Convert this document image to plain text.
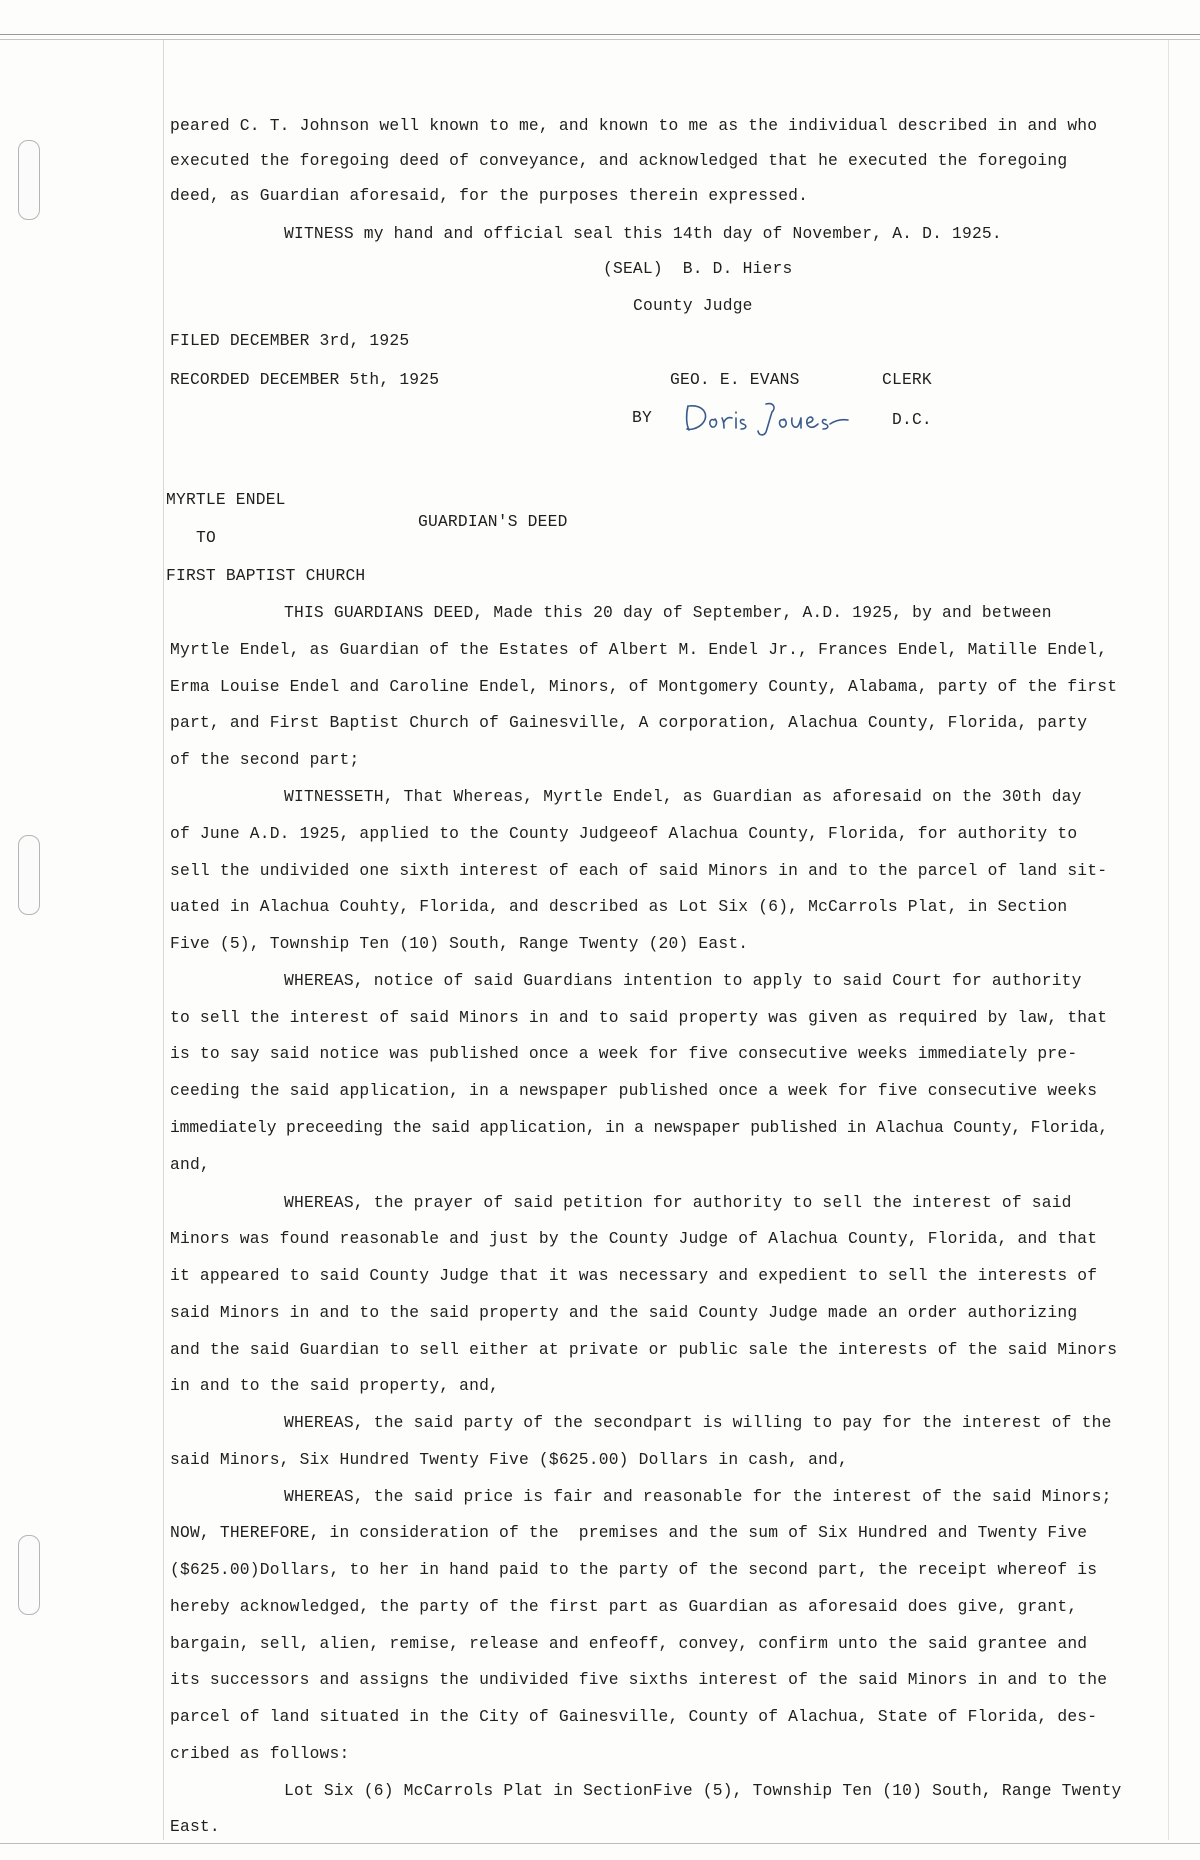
peared C. T. Johnson well known to me, and known to me as the individual described in and who

executed the foregoing deed of conveyance, and acknowledged that he executed the foregoing

deed, as Guardian aforesaid, for the purposes therein expressed.

WITNESS my hand and official seal this 14th day of November, A. D. 1925.

(SEAL)  B. D. Hiers

County Judge

FILED DECEMBER 3rd, 1925

RECORDED DECEMBER 5th, 1925	GEO. E. EVANS	CLERK

BY	D.C.

MYRTLE ENDEL

GUARDIAN'S DEED

TO

FIRST BAPTIST CHURCH

THIS GUARDIANS DEED, Made this 20 day of September, A.D. 1925, by and between

Myrtle Endel, as Guardian of the Estates of Albert M. Endel Jr., Frances Endel, Matille Endel,

Erma Louise Endel and Caroline Endel, Minors, of Montgomery County, Alabama, party of the first

part, and First Baptist Church of Gainesville, A corporation, Alachua County, Florida, party

of the second part;

WITNESSETH, That Whereas, Myrtle Endel, as Guardian as aforesaid on the 30th day

of June A.D. 1925, applied to the County Judgeeof Alachua County, Florida, for authority to

sell the undivided one sixth interest of each of said Minors in and to the parcel of land sit-

uated in Alachua Couhty, Florida, and described as Lot Six (6), McCarrols Plat, in Section

Five (5), Township Ten (10) South, Range Twenty (20) East.

WHEREAS, notice of said Guardians intention to apply to said Court for authority

to sell the interest of said Minors in and to said property was given as required by law, that

is to say said notice was published once a week for five consecutive weeks immediately pre-

ceeding the said application, in a newspaper published once a week for five consecutive weeks

immediately preceeding the said application, in a newspaper published in Alachua County, Florida,

and,

WHEREAS, the prayer of said petition for authority to sell the interest of said

Minors was found reasonable and just by the County Judge of Alachua County, Florida, and that

it appeared to said County Judge that it was necessary and expedient to sell the interests of

said Minors in and to the said property and the said County Judge made an order authorizing

and the said Guardian to sell either at private or public sale the interests of the said Minors

in and to the said property, and,

WHEREAS, the said party of the secondpart is willing to pay for the interest of the

said Minors, Six Hundred Twenty Five ($625.00) Dollars in cash, and,

WHEREAS, the said price is fair and reasonable for the interest of the said Minors;

NOW, THEREFORE, in consideration of the  premises and the sum of Six Hundred and Twenty Five

($625.00)Dollars, to her in hand paid to the party of the second part, the receipt whereof is

hereby acknowledged, the party of the first part as Guardian as aforesaid does give, grant,

bargain, sell, alien, remise, release and enfeoff, convey, confirm unto the said grantee and

its successors and assigns the undivided five sixths interest of the said Minors in and to the

parcel of land situated in the City of Gainesville, County of Alachua, State of Florida, des-

cribed as follows:

Lot Six (6) McCarrols Plat in SectionFive (5), Township Ten (10) South, Range Twenty

East.
